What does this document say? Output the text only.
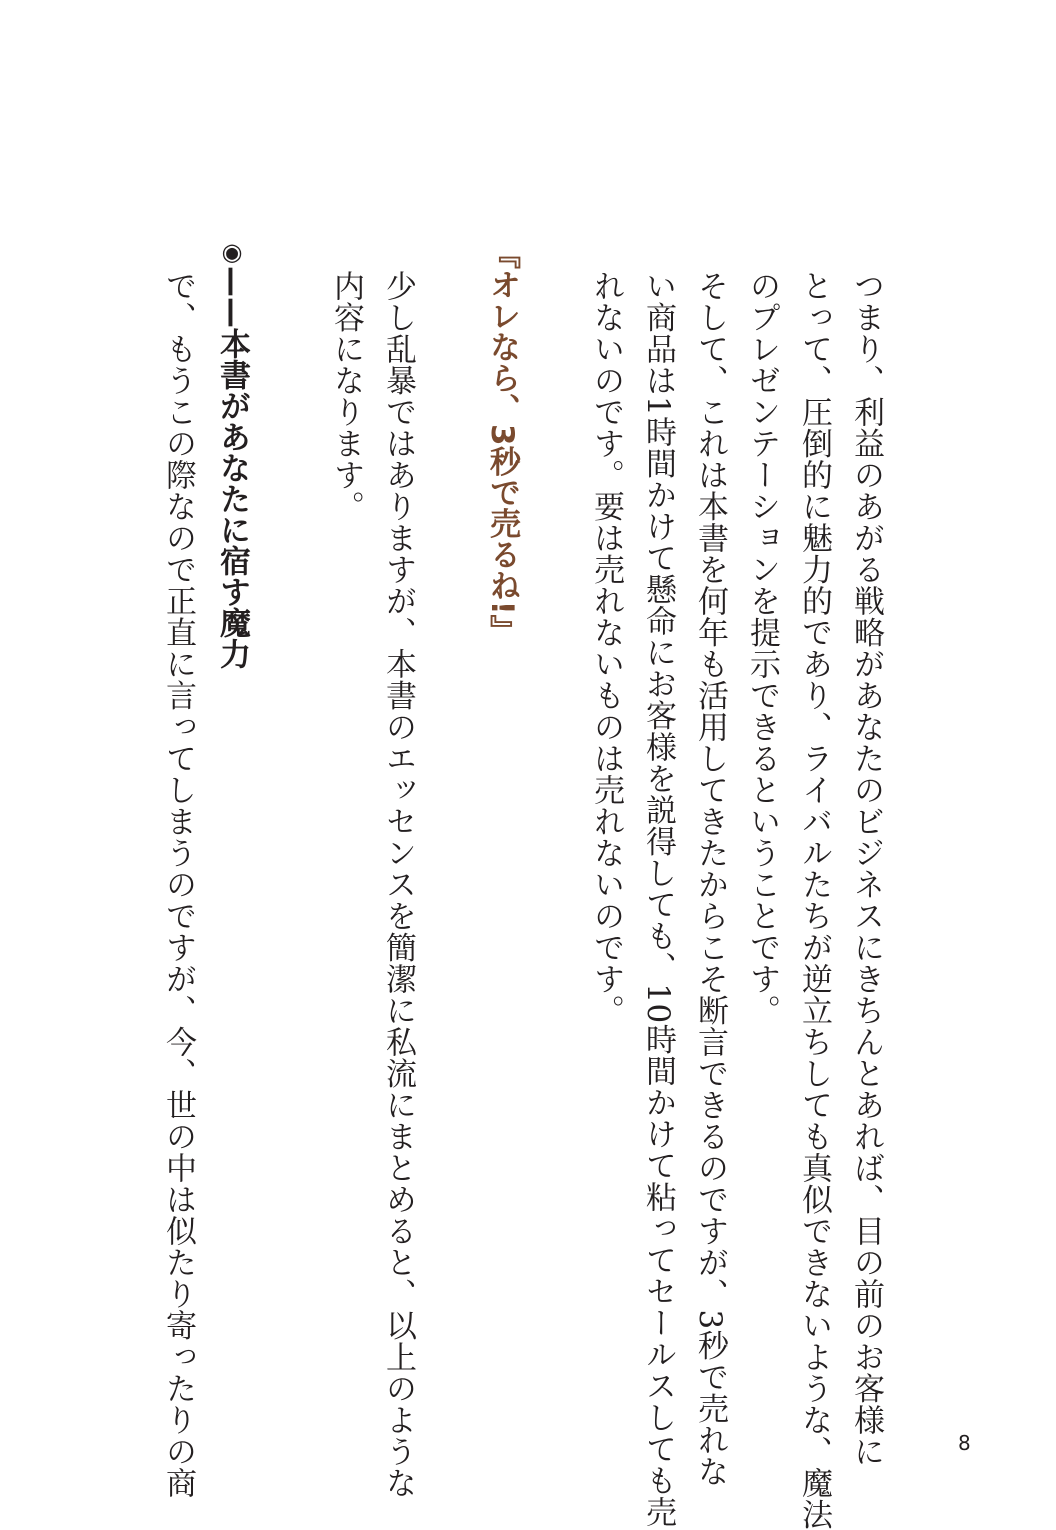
つまり、利益のあがる戦略があなたのビジネスにきちんとあれば、目の前のお客様に
とって、圧倒的に魅力的であり、ライバルたちが逆立ちしても真似できないような、魔法
のプレゼンテーションを提示できるということです。
そして、これは本書を何年も活用してきたからこそ断言できるのですが、3秒で売れな
い商品は1時間かけて懸命にお客様を説得しても、10時間かけて粘ってセールスしても売
れないのです。要は売れないものは売れないのです。
『オレなら、3秒で売るね!』
少し乱暴ではありますが、本書のエッセンスを簡潔に私流にまとめると、以上のような
内容になります。
◉——本書があなたに宿す魔力
で、もうこの際なので正直に言ってしまうのですが、今、世の中は似たり寄ったりの商	8
